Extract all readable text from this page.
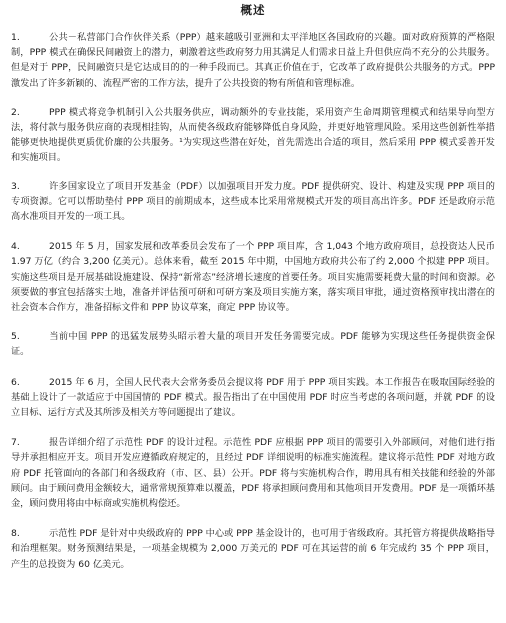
概述
1.	公共－私营部门合作伙伴关系（PPP）越来越吸引亚洲和太平洋地区各国政府的兴趣。面对政府预算的严格限制，PPP 模式在确保民间融资上的潜力，刺激着这些政府努力用其满足人们需求日益上升但供应尚不充分的公共服务。但是对于 PPP，民间融资只是它达成目的的一种手段而已。其真正价值在于，它改革了政府提供公共服务的方式。PPP 激发出了许多新颖的、流程严密的工作方法，提升了公共投资的物有所值和管理标准。
2.	PPP 模式将竞争机制引入公共服务供应，调动额外的专业技能，采用资产生命周期管理模式和结果导向型方法，将付款与服务供应商的表现相挂钩，从而使各级政府能够降低自身风险，并更好地管理风险。采用这些创新性举措能够更快地提供更质优价廉的公共服务。¹为实现这些潜在好处，首先需选出合适的项目，然后采用 PPP 模式妥善开发和实施项目。
3.	许多国家设立了项目开发基金（PDF）以加强项目开发力度。PDF 提供研究、设计、构建及实现 PPP 项目的专项资源。它可以帮助垫付 PPP 项目的前期成本，这些成本比采用常规模式开发的项目高出许多。PDF 还是政府示范高水准项目开发的一项工具。
4.	2015 年 5 月，国家发展和改革委员会发布了一个 PPP 项目库，含 1,043 个地方政府项目，总投资达人民币 1.97 万亿（约合 3,200 亿美元）。总体来看，截至 2015 年中期，中国地方政府共公布了约 2,000 个拟建 PPP 项目。实施这些项目是开展基础设施建设、保持“新常态”经济增长速度的首要任务。项目实施需要耗费大量的时间和资源。必须要做的事宜包括落实土地，准备并评估预可研和可研方案及项目实施方案，落实项目审批，通过资格预审找出潜在的社会资本合作方，准备招标文件和 PPP 协议草案，商定 PPP 协议等。
5.	当前中国 PPP 的迅猛发展势头昭示着大量的项目开发任务需要完成。PDF 能够为实现这些任务提供资金保证。
6.	2015 年 6 月，全国人民代表大会常务委员会提议将 PDF 用于 PPP 项目实践。本工作报告在吸取国际经验的基础上设计了一款适应于中国国情的 PDF 模式。报告指出了在中国使用 PDF 时应当考虑的各项问题，并就 PDF 的设立目标、运行方式及其所涉及相关方等问题提出了建议。
7.	报告详细介绍了示范性 PDF 的设计过程。示范性 PDF 应根据 PPP 项目的需要引入外部顾问，对他们进行指导并承担相应开支。项目开发应遵循政府规定的，且经过 PDF 详细说明的标准实施流程。建议将示范性 PDF 对地方政府 PDF 托管面向的各部门和各级政府（市、区、县）公开。PDF 将与实施机构合作，聘用具有相关技能和经验的外部顾问。由于顾问费用金额较大，通常常规预算难以覆盖，PDF 将承担顾问费用和其他项目开发费用。PDF 是一项循环基金，顾问费用将由中标商或实施机构偿还。
8.	示范性 PDF 是针对中央级政府的 PPP 中心或 PPP 基金设计的，也可用于省级政府。其托管方将提供战略指导和治理框架。财务预测结果是，一项基金规模为 2,000 万美元的 PDF 可在其运营的前 6 年完成约 35 个 PPP 项目，产生的总投资为 60 亿美元。
